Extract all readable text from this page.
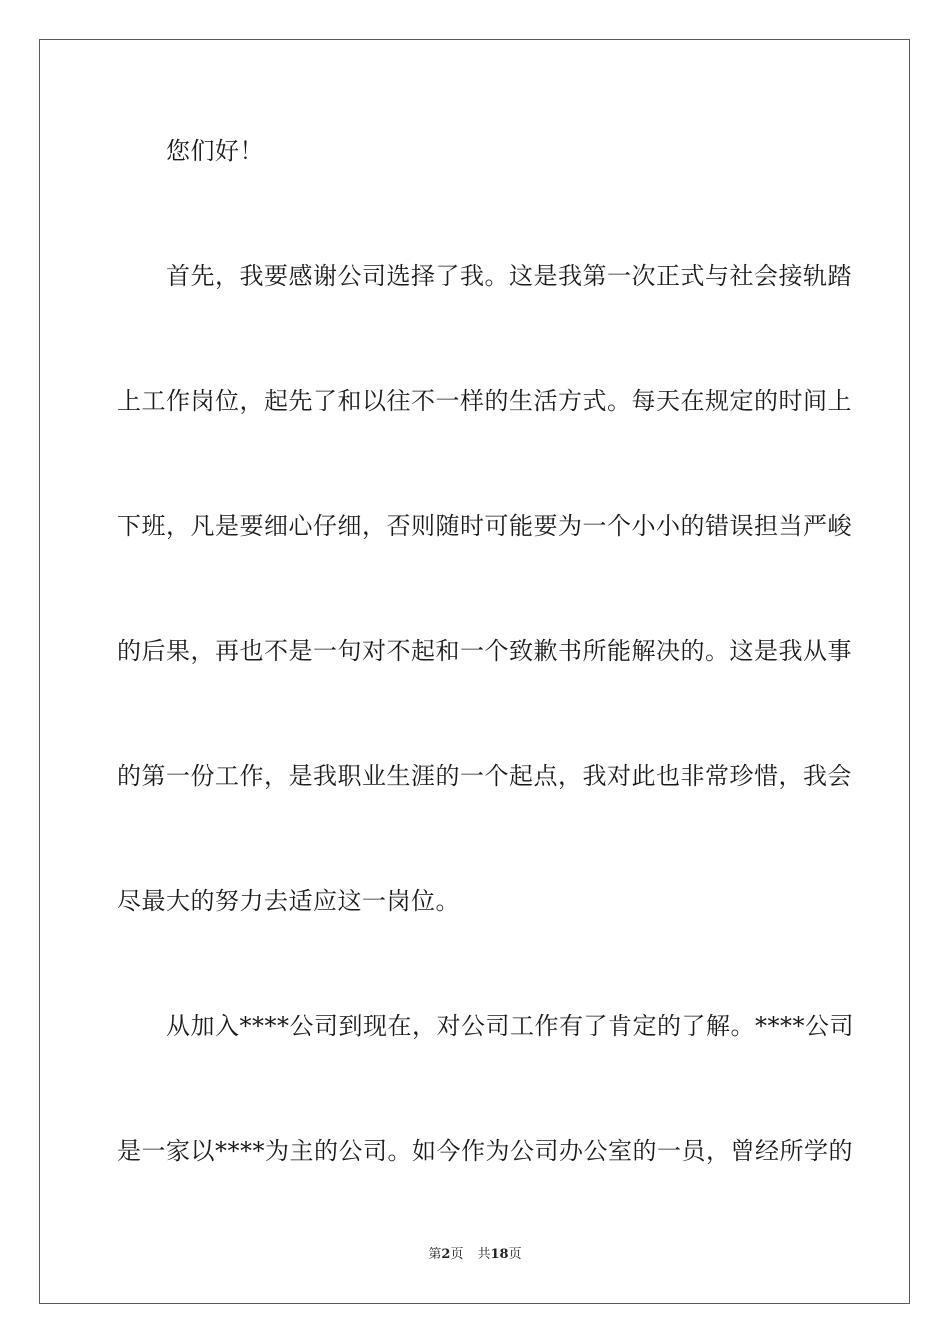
您们好！
首先，我要感谢公司选择了我。这是我第一次正式与社会接轨踏
上工作岗位，起先了和以往不一样的生活方式。每天在规定的时间上
下班，凡是要细心仔细，否则随时可能要为一个小小的错误担当严峻
的后果，再也不是一句对不起和一个致歉书所能解决的。这是我从事
的第一份工作，是我职业生涯的一个起点，我对此也非常珍惜，我会
尽最大的努力去适应这一岗位。
从加入****公司到现在，对公司工作有了肯定的了解。****公司
是一家以****为主的公司。如今作为公司办公室的一员，曾经所学的
第2页 共18页
